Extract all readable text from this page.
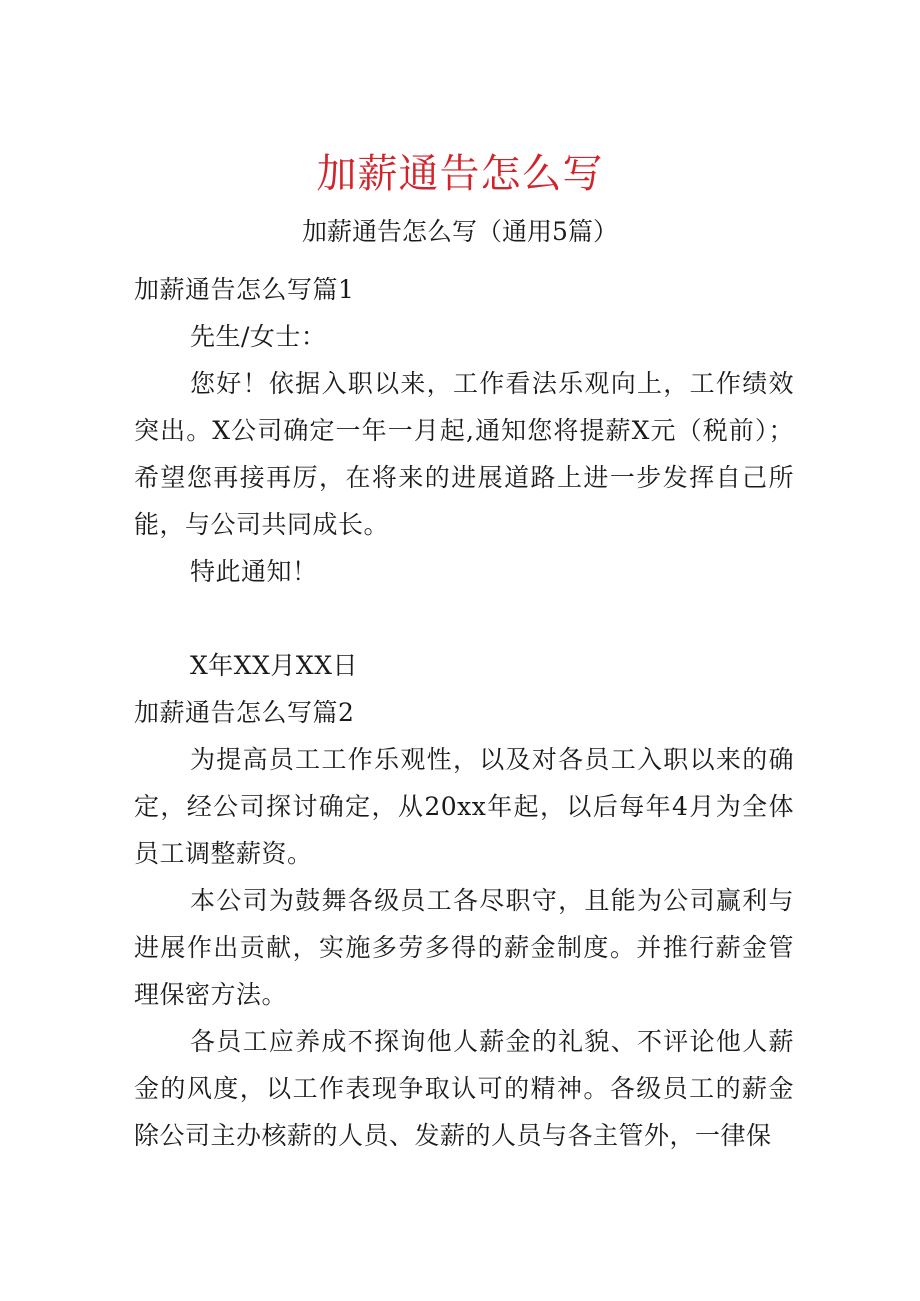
加薪通告怎么写
加薪通告怎么写（通用5篇）

加薪通告怎么写篇1

先生/女士：

您好！依据入职以来，工作看法乐观向上，工作绩效突出。X公司确定一年一月起,通知您将提薪X元（税前）；希望您再接再厉，在将来的进展道路上进一步发挥自己所能，与公司共同成长。

特此通知！

X年XX月XX日

加薪通告怎么写篇2

为提高员工工作乐观性，以及对各员工入职以来的确定，经公司探讨确定，从20xx年起，以后每年4月为全体员工调整薪资。

本公司为鼓舞各级员工各尽职守，且能为公司赢利与进展作出贡献，实施多劳多得的薪金制度。并推行薪金管理保密方法。

各员工应养成不探询他人薪金的礼貌、不评论他人薪金的风度，以工作表现争取认可的精神。各级员工的薪金除公司主办核薪的人员、发薪的人员与各主管外，一律保
